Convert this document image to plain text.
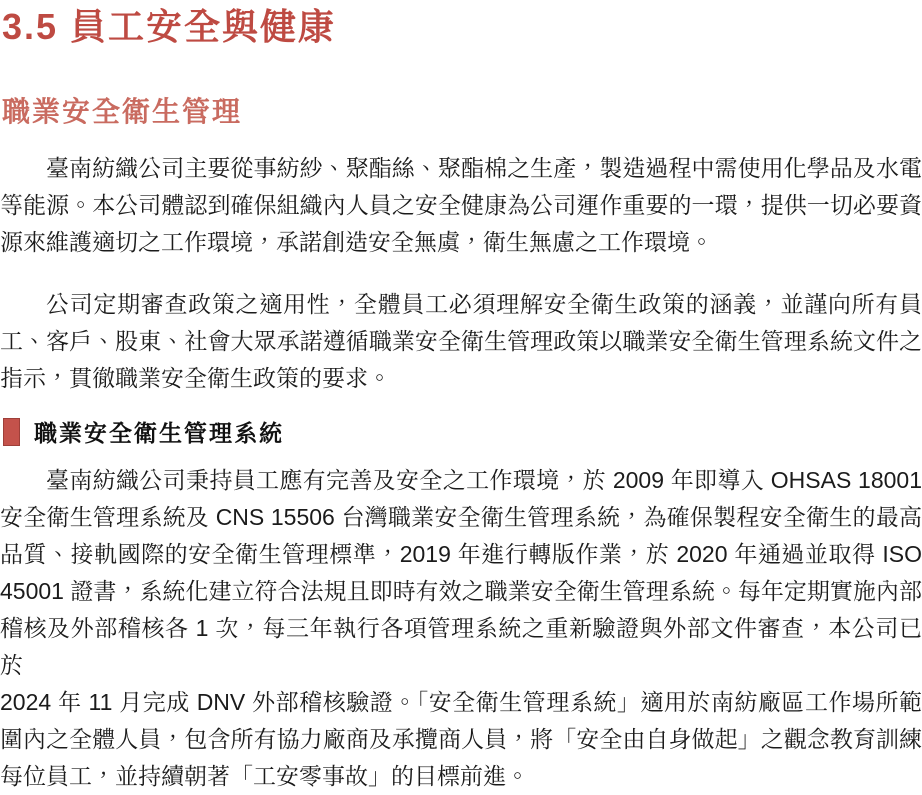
3.5 員工安全與健康
職業安全衛生管理
臺南紡織公司主要從事紡紗、聚酯絲、聚酯棉之生產，製造過程中需使用化學品及水電
等能源。本公司體認到確保組織內人員之安全健康為公司運作重要的一環，提供一切必要資
源來維護適切之工作環境，承諾創造安全無虞，衛生無慮之工作環境。
公司定期審查政策之適用性，全體員工必須理解安全衛生政策的涵義，並謹向所有員
工、客戶、股東、社會大眾承諾遵循職業安全衛生管理政策以職業安全衛生管理系統文件之
指示，貫徹職業安全衛生政策的要求。
職業安全衛生管理系統
臺南紡織公司秉持員工應有完善及安全之工作環境，於 2009 年即導入 OHSAS 18001
安全衛生管理系統及 CNS 15506 台灣職業安全衛生管理系統，為確保製程安全衛生的最高
品質、接軌國際的安全衛生管理標準，2019 年進行轉版作業，於 2020 年通過並取得 ISO
45001 證書，系統化建立符合法規且即時有效之職業安全衛生管理系統。每年定期實施內部
稽核及外部稽核各 1 次，每三年執行各項管理系統之重新驗證與外部文件審查，本公司已於
2024 年 11 月完成 DNV 外部稽核驗證。「安全衛生管理系統」適用於南紡廠區工作場所範
圍內之全體人員，包含所有協力廠商及承攬商人員，將「安全由自身做起」之觀念教育訓練
每位員工，並持續朝著「工安零事故」的目標前進。
